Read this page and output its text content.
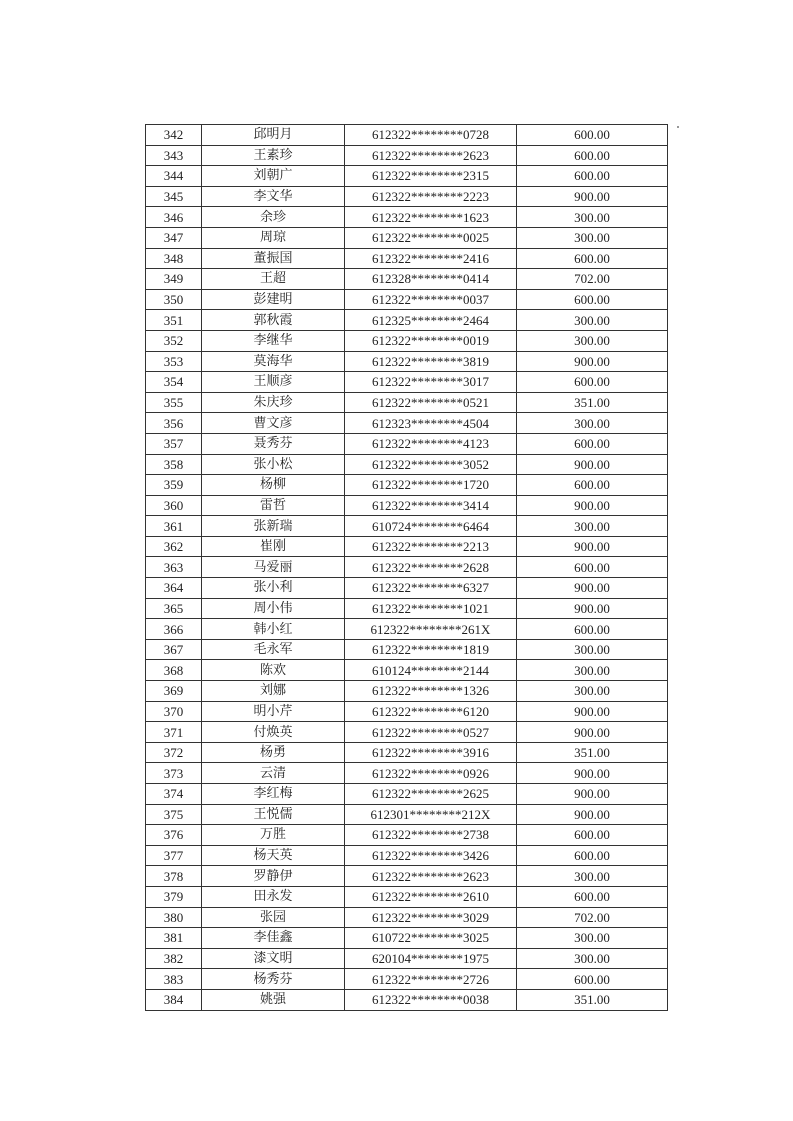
342	邱明月	612322********0728	600.00
343	王素珍	612322********2623	600.00
344	刘朝广	612322********2315	600.00
345	李文华	612322********2223	900.00
346	余珍	612322********1623	300.00
347	周琼	612322********0025	300.00
348	董振国	612322********2416	600.00
349	王超	612328********0414	702.00
350	彭建明	612322********0037	600.00
351	郭秋霞	612325********2464	300.00
352	李继华	612322********0019	300.00
353	莫海华	612322********3819	900.00
354	王顺彦	612322********3017	600.00
355	朱庆珍	612322********0521	351.00
356	曹文彦	612323********4504	300.00
357	聂秀芬	612322********4123	600.00
358	张小松	612322********3052	900.00
359	杨柳	612322********1720	600.00
360	雷哲	612322********3414	900.00
361	张新瑞	610724********6464	300.00
362	崔刚	612322********2213	900.00
363	马爱丽	612322********2628	600.00
364	张小利	612322********6327	900.00
365	周小伟	612322********1021	900.00
366	韩小红	612322********261X	600.00
367	毛永军	612322********1819	300.00
368	陈欢	610124********2144	300.00
369	刘娜	612322********1326	300.00
370	明小芹	612322********6120	900.00
371	付焕英	612322********0527	900.00
372	杨勇	612322********3916	351.00
373	云清	612322********0926	900.00
374	李红梅	612322********2625	900.00
375	王悦儒	612301********212X	900.00
376	万胜	612322********2738	600.00
377	杨天英	612322********3426	600.00
378	罗静伊	612322********2623	300.00
379	田永发	612322********2610	600.00
380	张园	612322********3029	702.00
381	李佳鑫	610722********3025	300.00
382	漆文明	620104********1975	300.00
383	杨秀芬	612322********2726	600.00
384	姚强	612322********0038	351.00
